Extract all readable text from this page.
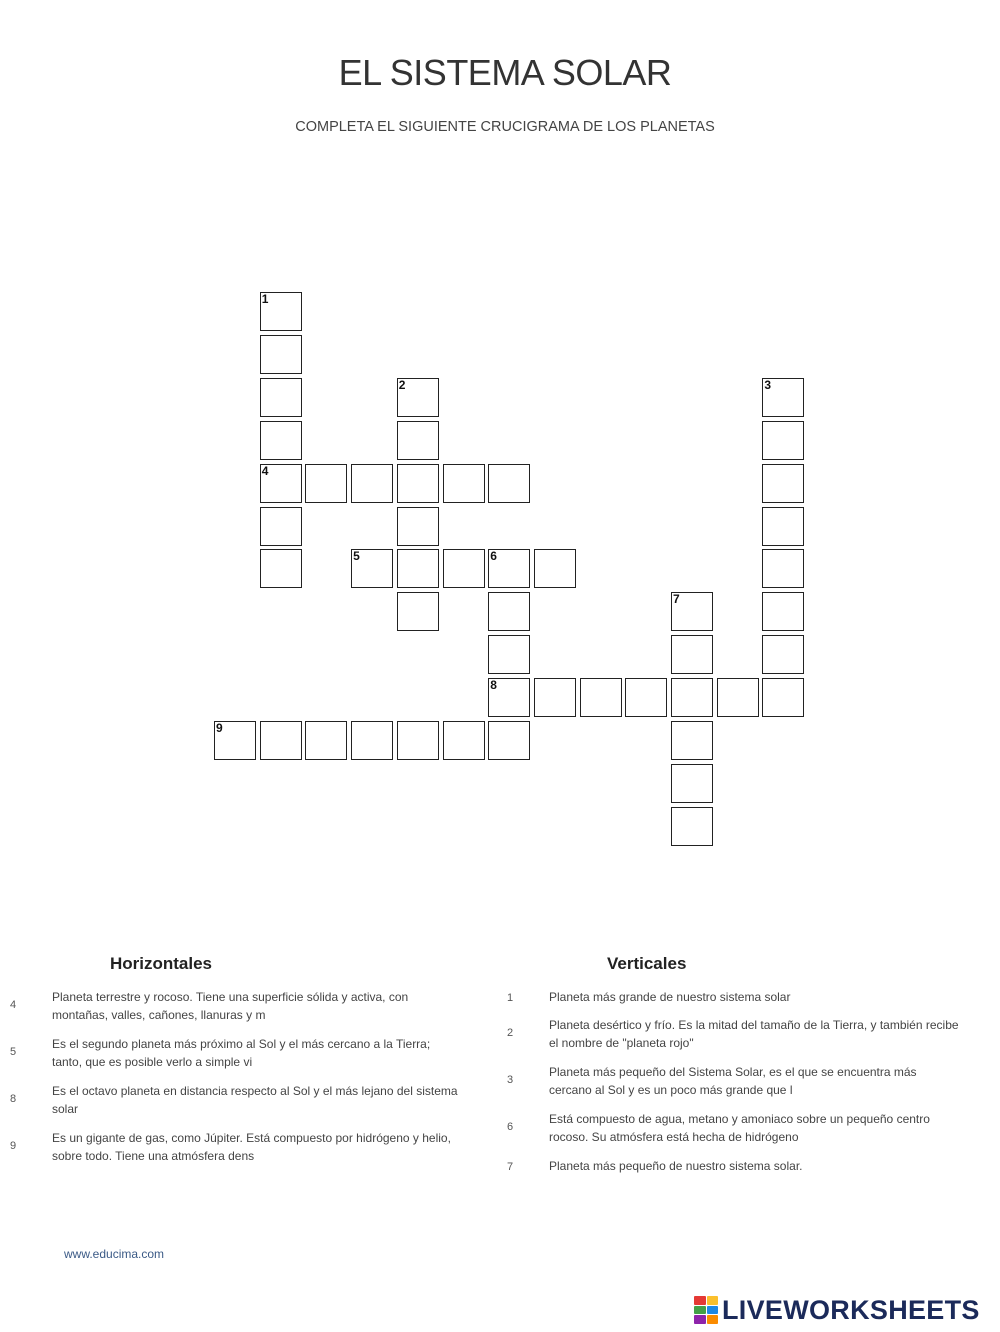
EL SISTEMA SOLAR
COMPLETA EL SIGUIENTE CRUCIGRAMA DE LOS PLANETAS
1
4
2	3
5	6
8
7
9
Horizontales	Verticales
4
Planeta terrestre y rocoso. Tiene una superficie sólida y activa, con
montañas, valles, cañones, llanuras y m
5
Es el segundo planeta más próximo al Sol y el más cercano a la Tierra;
tanto, que es posible verlo a simple vi
8
Es el octavo planeta en distancia respecto al Sol y el más lejano del sistema
solar
9
Es un gigante de gas, como Júpiter. Está compuesto por hidrógeno y helio,
sobre todo. Tiene una atmósfera dens
1	Planeta más grande de nuestro sistema solar
2
Planeta desértico y frío. Es la mitad del tamaño de la Tierra, y también recibe
el nombre de "planeta rojo"
3
Planeta más pequeño del Sistema Solar, es el que se encuentra más
cercano al Sol y es un poco más grande que l
6
Está compuesto de agua, metano y amoniaco sobre un pequeño centro
rocoso. Su atmósfera está hecha de hidrógeno
7	Planeta más pequeño de nuestro sistema solar.
www.educima.com
LIVEWORKSHEETS
